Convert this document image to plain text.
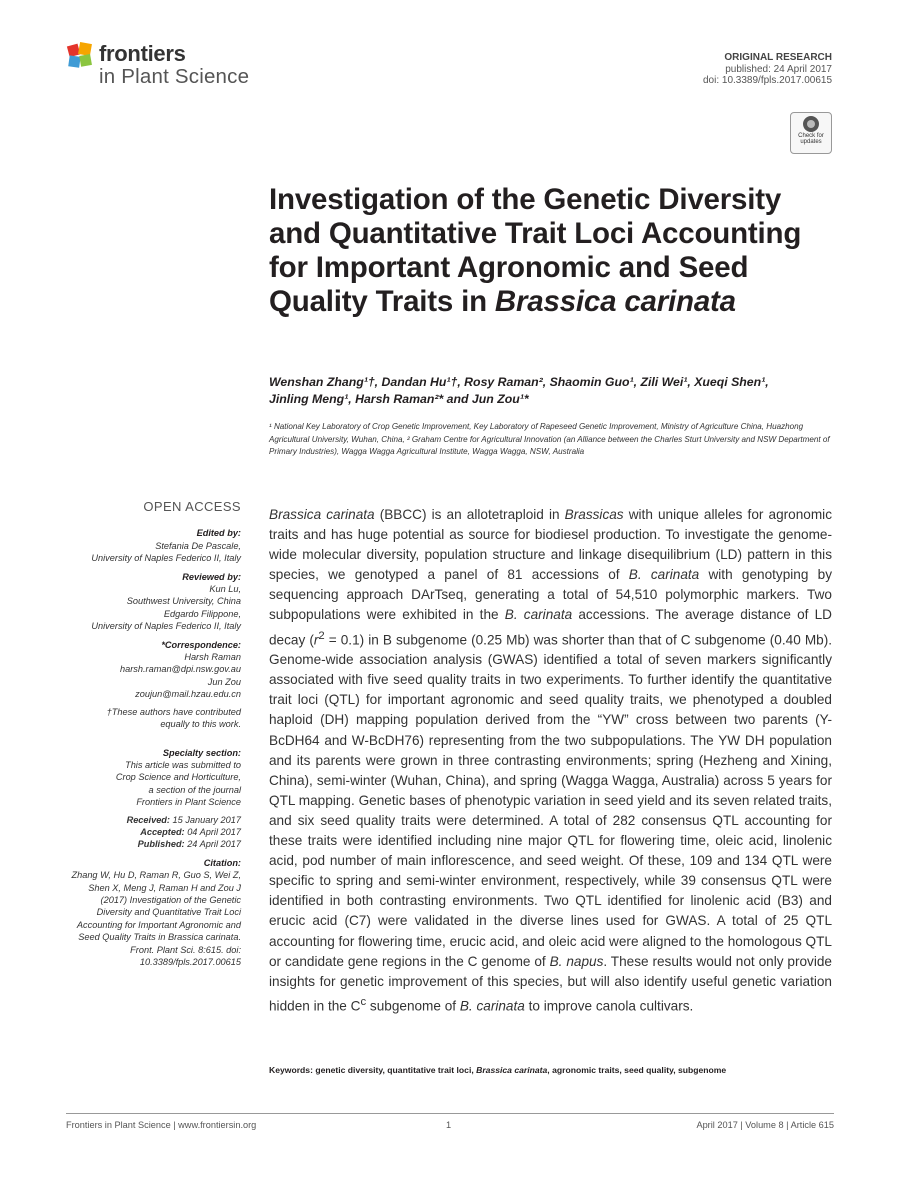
frontiers
in Plant Science
ORIGINAL RESEARCH
published: 24 April 2017
doi: 10.3389/fpls.2017.00615
Check for
updates
Investigation of the Genetic Diversity and Quantitative Trait Loci Accounting for Important Agronomic and Seed Quality Traits in Brassica carinata
Wenshan Zhang¹†, Dandan Hu¹†, Rosy Raman², Shaomin Guo¹, Zili Wei¹, Xueqi Shen¹,
Jinling Meng¹, Harsh Raman²* and Jun Zou¹*
¹ National Key Laboratory of Crop Genetic Improvement, Key Laboratory of Rapeseed Genetic Improvement, Ministry of Agriculture China, Huazhong Agricultural University, Wuhan, China, ² Graham Centre for Agricultural Innovation (an Alliance between the Charles Sturt University and NSW Department of Primary Industries), Wagga Wagga Agricultural Institute, Wagga Wagga, NSW, Australia
OPEN ACCESS
Edited by:
Stefania De Pascale,
University of Naples Federico II, Italy
Reviewed by:
Kun Lu,
Southwest University, China
Edgardo Filippone,
University of Naples Federico II, Italy
*Correspondence:
Harsh Raman
harsh.raman@dpi.nsw.gov.au
Jun Zou
zoujun@mail.hzau.edu.cn
†These authors have contributed
equally to this work.
Specialty section:
This article was submitted to
Crop Science and Horticulture,
a section of the journal
Frontiers in Plant Science
Received: 15 January 2017
Accepted: 04 April 2017
Published: 24 April 2017
Citation:
Zhang W, Hu D, Raman R, Guo S, Wei Z, Shen X, Meng J, Raman H and Zou J (2017) Investigation of the Genetic Diversity and Quantitative Trait Loci Accounting for Important Agronomic and Seed Quality Traits in Brassica carinata. Front. Plant Sci. 8:615. doi: 10.3389/fpls.2017.00615
Brassica carinata (BBCC) is an allotetraploid in Brassicas with unique alleles for agronomic traits and has huge potential as source for biodiesel production. To investigate the genome-wide molecular diversity, population structure and linkage disequilibrium (LD) pattern in this species, we genotyped a panel of 81 accessions of B. carinata with genotyping by sequencing approach DArTseq, generating a total of 54,510 polymorphic markers. Two subpopulations were exhibited in the B. carinata accessions. The average distance of LD decay $(r^2 = 0.1)$ in B subgenome (0.25 Mb) was shorter than that of C subgenome (0.40 Mb). Genome-wide association analysis (GWAS) identified a total of seven markers significantly associated with five seed quality traits in two experiments. To further identify the quantitative trait loci (QTL) for important agronomic and seed quality traits, we phenotyped a doubled haploid (DH) mapping population derived from the “YW” cross between two parents (Y-BcDH64 and W-BcDH76) representing from the two subpopulations. The YW DH population and its parents were grown in three contrasting environments; spring (Hezheng and Xining, China), semi-winter (Wuhan, China), and spring (Wagga Wagga, Australia) across 5 years for QTL mapping. Genetic bases of phenotypic variation in seed yield and its seven related traits, and six seed quality traits were determined. A total of 282 consensus QTL accounting for these traits were identified including nine major QTL for flowering time, oleic acid, linolenic acid, pod number of main inflorescence, and seed weight. Of these, 109 and 134 QTL were specific to spring and semi-winter environment, respectively, while 39 consensus QTL were identified in both contrasting environments. Two QTL identified for linolenic acid (B3) and erucic acid (C7) were validated in the diverse lines used for GWAS. A total of 25 QTL accounting for flowering time, erucic acid, and oleic acid were aligned to the homologous QTL or candidate gene regions in the C genome of B. napus. These results would not only provide insights for genetic improvement of this species, but will also identify useful genetic variation hidden in the $C^c$ subgenome of B. carinata to improve canola cultivars.
Keywords: genetic diversity, quantitative trait loci, Brassica carinata, agronomic traits, seed quality, subgenome
Frontiers in Plant Science | www.frontiersin.org	1	April 2017 | Volume 8 | Article 615
